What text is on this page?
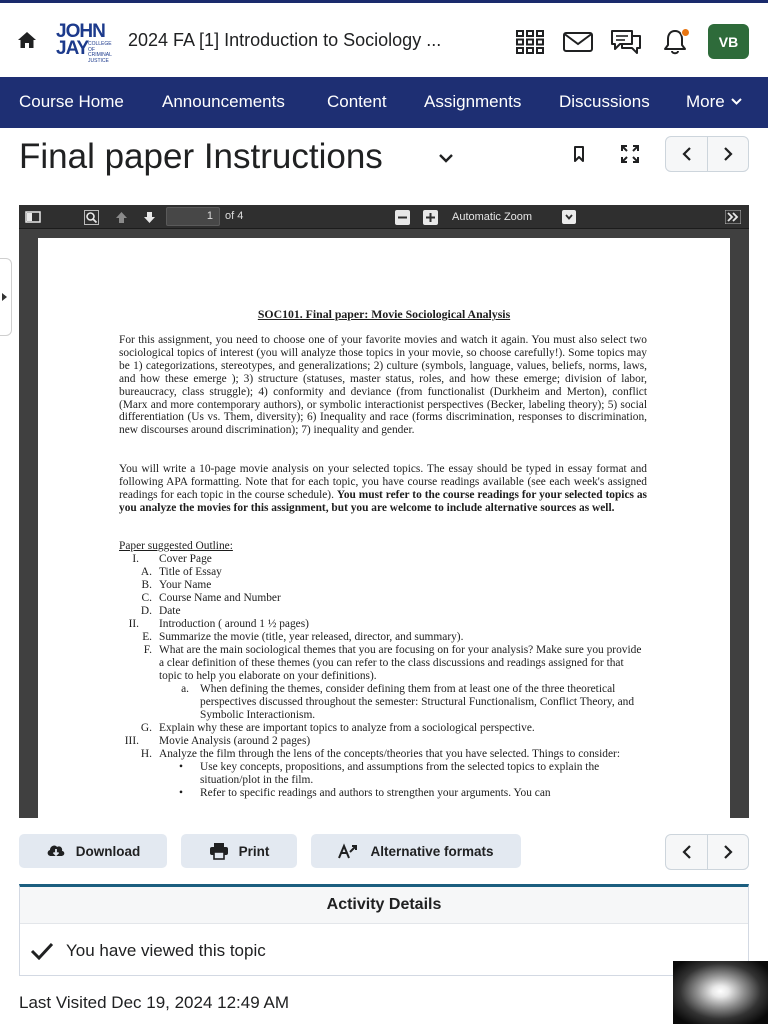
JOHN
JAY COLLEGE OF CRIMINAL JUSTICE
2024 FA [1] Introduction to Sociology ...	VB
Course Home Announcements Content Assignments Discussions More
Final paper Instructions
1	of 4	Automatic Zoom
SOC101. Final paper: Movie Sociological Analysis
For this assignment, you need to choose one of your favorite movies and watch it again. You must also select two sociological topics of interest (you will analyze those topics in your movie, so choose carefully!). Some topics may be 1) categorizations, stereotypes, and generalizations; 2) culture (symbols, language, values, beliefs, norms, laws, and how these emerge ); 3) structure (statuses, master status, roles, and how these emerge; division of labor, bureaucracy, class struggle); 4) conformity and deviance (from functionalist (Durkheim and Merton), conflict (Marx and more contemporary authors), or symbolic interactionist perspectives (Becker, labeling theory); 5) social differentiation (Us vs. Them, diversity); 6) Inequality and race (forms discrimination, responses to discrimination, new discourses around discrimination); 7) inequality and gender.
You will write a 10-page movie analysis on your selected topics. The essay should be typed in essay format and following APA formatting. Note that for each topic, you have course readings available (see each week's assigned readings for each topic in the course schedule). You must refer to the course readings for your selected topics as you analyze the movies for this assignment, but you are welcome to include alternative sources as well.
Paper suggested Outline:
I. Cover Page
A. Title of Essay
B. Your Name
C. Course Name and Number
D. Date
II. Introduction ( around 1 ½ pages)
E. Summarize the movie (title, year released, director, and summary).
F. What are the main sociological themes that you are focusing on for your analysis? Make sure you provide a clear definition of these themes (you can refer to the class discussions and readings assigned for that topic to help you elaborate on your definitions).
a. When defining the themes, consider defining them from at least one of the three theoretical perspectives discussed throughout the semester: Structural Functionalism, Conflict Theory, and Symbolic Interactionism.
G. Explain why these are important topics to analyze from a sociological perspective.
III. Movie Analysis (around 2 pages)
H. Analyze the film through the lens of the concepts/theories that you have selected. Things to consider:
• Use key concepts, propositions, and assumptions from the selected topics to explain the situation/plot in the film.
• Refer to specific readings and authors to strengthen your arguments. You can
Download	Print	Alternative formats
Activity Details
You have viewed this topic
Last Visited Dec 19, 2024 12:49 AM
